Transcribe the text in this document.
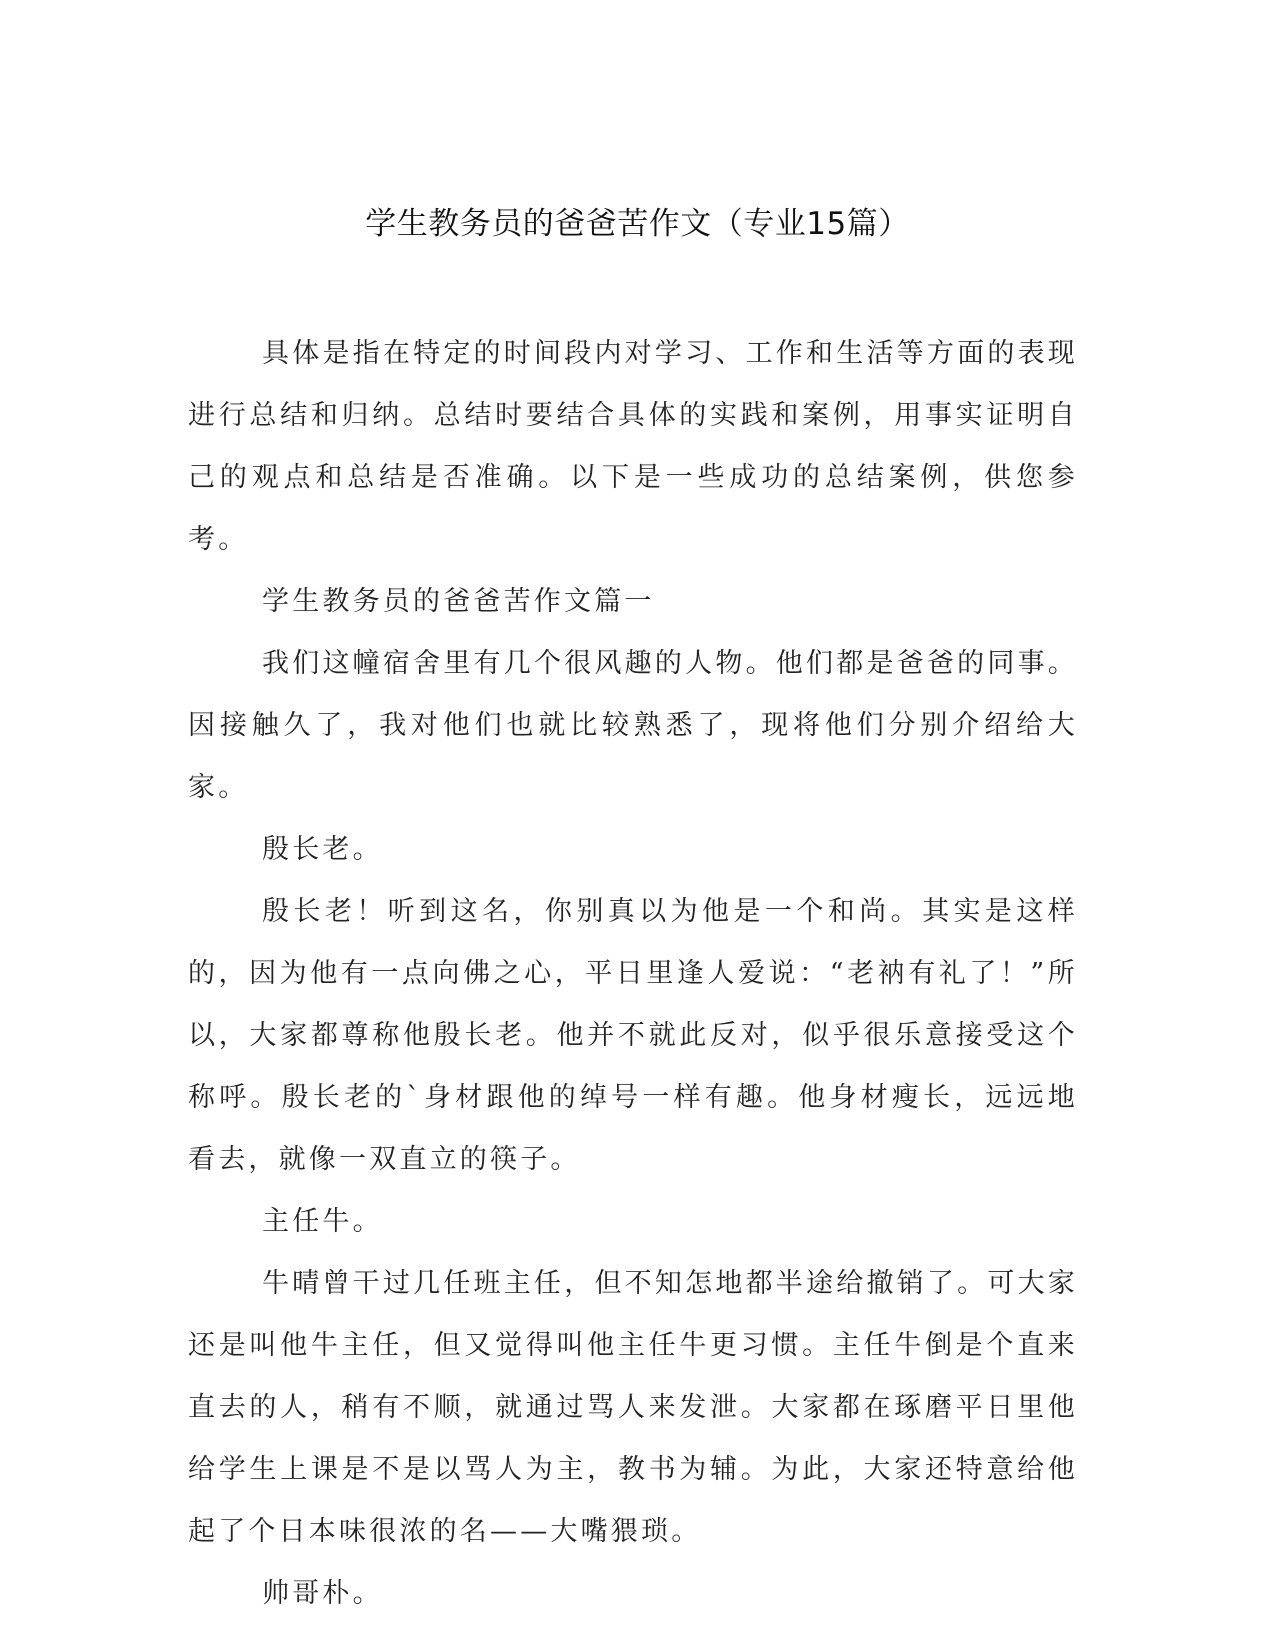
学生教务员的爸爸苦作文（专业15篇）

具体是指在特定的时间段内对学习、工作和生活等方面的表现进行总结和归纳。总结时要结合具体的实践和案例，用事实证明自己的观点和总结是否准确。以下是一些成功的总结案例，供您参考。

学生教务员的爸爸苦作文篇一

我们这幢宿舍里有几个很风趣的人物。他们都是爸爸的同事。因接触久了，我对他们也就比较熟悉了，现将他们分别介绍给大家。

殷长老。

殷长老！听到这名，你别真以为他是一个和尚。其实是这样的，因为他有一点向佛之心，平日里逢人爱说：“老衲有礼了！”所以，大家都尊称他殷长老。他并不就此反对，似乎很乐意接受这个称呼。殷长老的`身材跟他的绰号一样有趣。他身材瘦长，远远地看去，就像一双直立的筷子。

主任牛。

牛晴曾干过几任班主任，但不知怎地都半途给撤销了。可大家还是叫他牛主任，但又觉得叫他主任牛更习惯。主任牛倒是个直来直去的人，稍有不顺，就通过骂人来发泄。大家都在琢磨平日里他给学生上课是不是以骂人为主，教书为辅。为此，大家还特意给他起了个日本味很浓的名——大嘴猥琐。

帅哥朴。
